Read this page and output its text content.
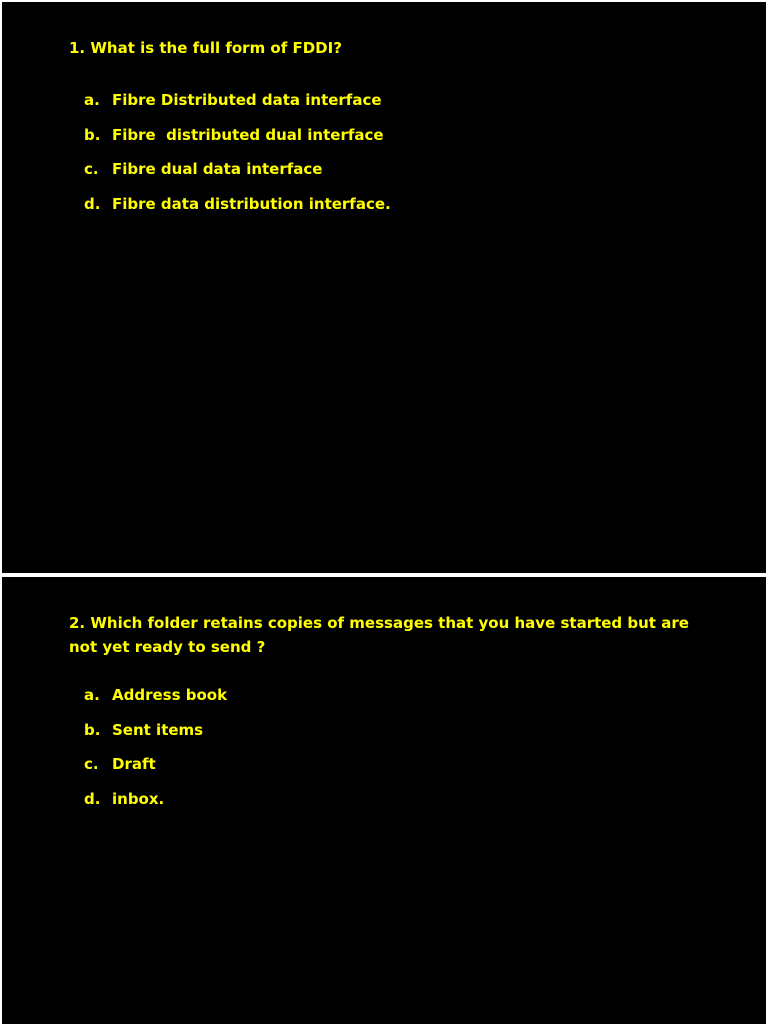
1. What is the full form of FDDI?

a. Fibre Distributed data interface
b. Fibre  distributed dual interface
c. Fibre dual data interface
d. Fibre data distribution interface.

2. Which folder retains copies of messages that you have started but are not yet ready to send ?

a. Address book
b. Sent items
c. Draft
d. inbox.
